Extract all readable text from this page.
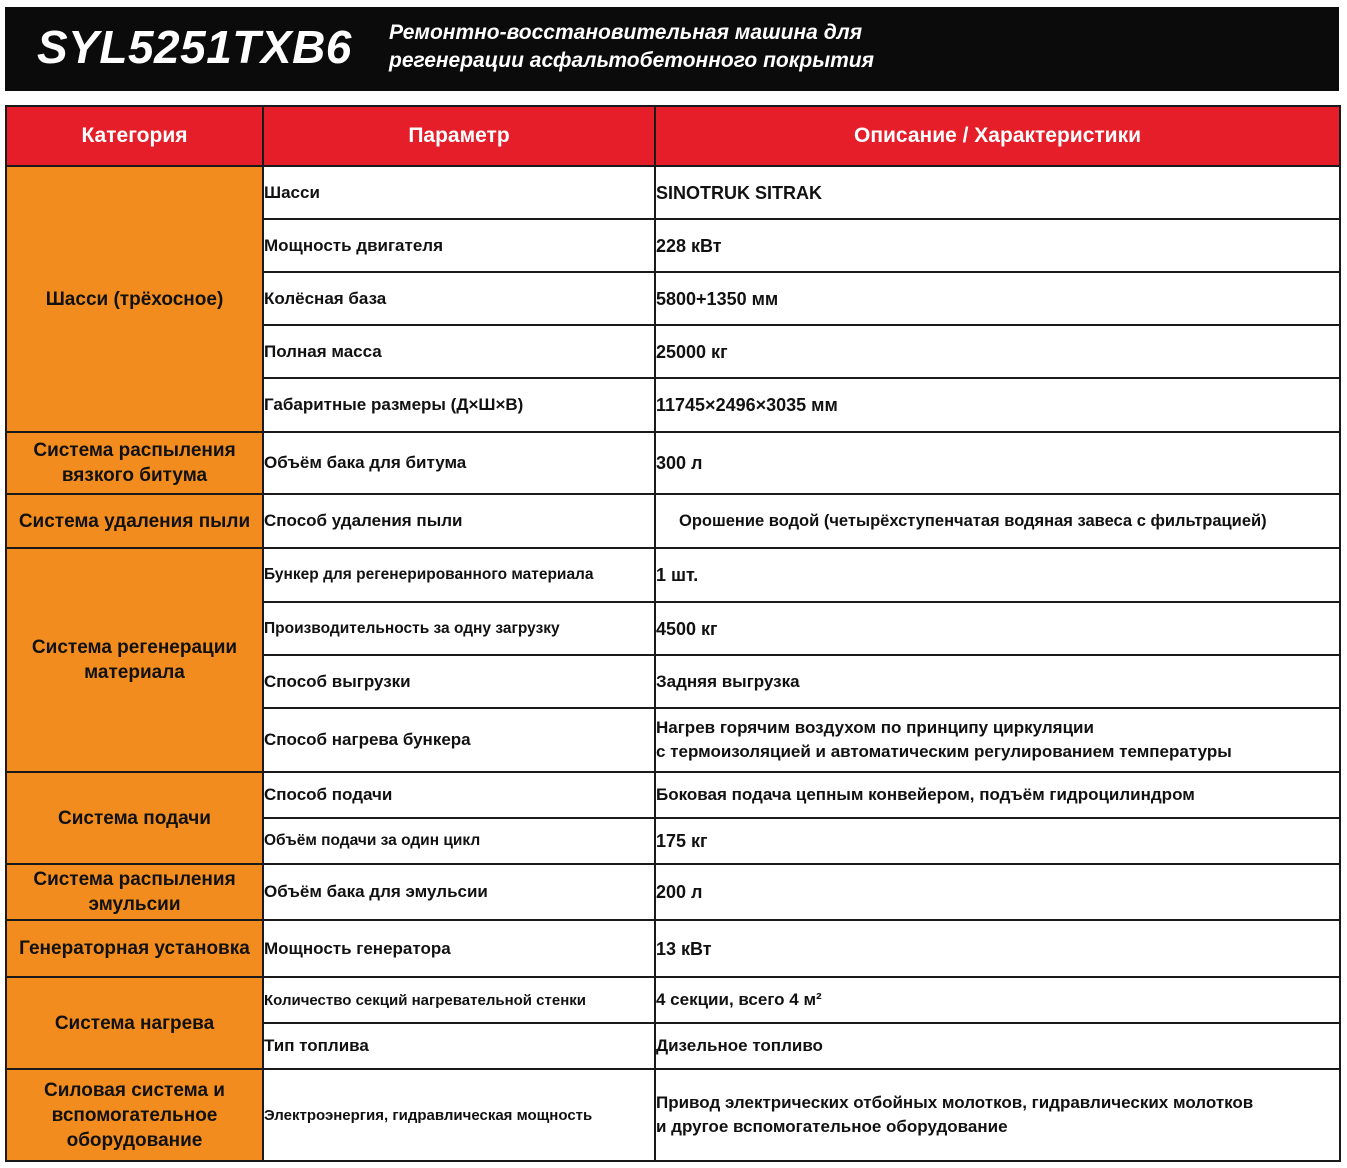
SYL5251TXB6 Ремонтно-восстановительная машина для
регенерации асфальтобетонного покрытия
Категория	Параметр	Описание / Характеристики
Шасси (трёхосное)	Шасси	SINOTRUK SITRAK
	Мощность двигателя	228 кВт
	Колёсная база	5800+1350 мм
	Полная масса	25000 кг
	Габаритные размеры (Д×Ш×В)	11745×2496×3035 мм
Система распыления вязкого битума	Объём бака для битума	300 л
Система удаления пыли	Способ удаления пыли	Орошение водой (четырёхступенчатая водяная завеса с фильтрацией)
Система регенерации материала	Бункер для регенерированного материала	1 шт.
	Производительность за одну загрузку	4500 кг
	Способ выгрузки	Задняя выгрузка
	Способ нагрева бункера	Нагрев горячим воздухом по принципу циркуляции
с термоизоляцией и автоматическим регулированием температуры

Система подачи	Способ подачи	Боковая подача цепным конвейером, подъём гидроцилиндром
	Объём подачи за один цикл	175 кг
Система распыления эмульсии	Объём бака для эмульсии	200 л
Генераторная установка	Мощность генератора	13 кВт
Система нагрева	Количество секций нагревательной стенки	4 секции, всего 4 м²
	Тип топлива	Дизельное топливо
Силовая система и вспомогательное оборудование	Электроэнергия, гидравлическая мощность	Привод электрических отбойных молотков, гидравлических молотков
и другое вспомогательное оборудование
